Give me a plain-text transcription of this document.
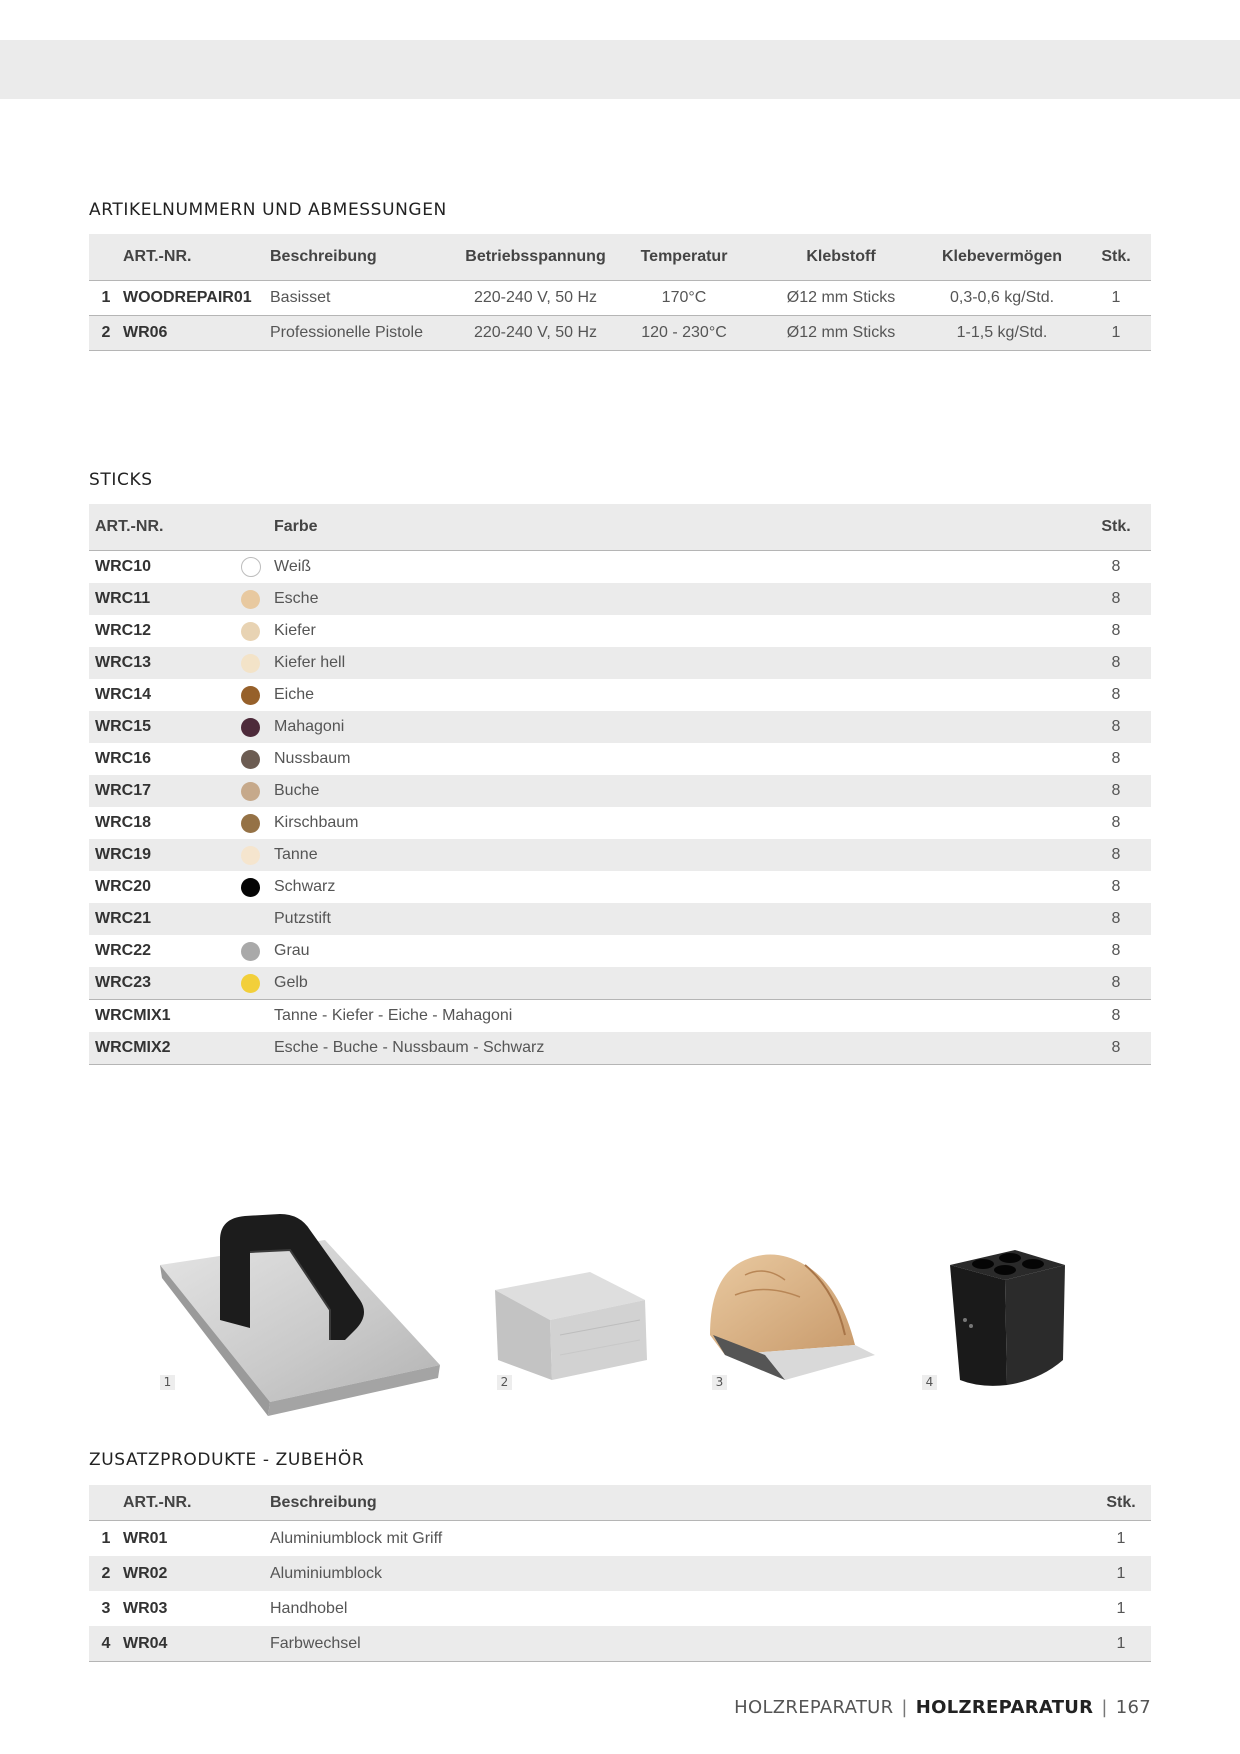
ARTIKELNUMMERN UND ABMESSUNGEN
	ART.-NR.	Beschreibung	Betriebsspannung	Temperatur	Klebstoff	Klebevermögen	Stk.
1	WOODREPAIR01	Basisset	220-240 V, 50 Hz	170°C	Ø12 mm Sticks	0,3-0,6 kg/Std.	1
2	WR06	Professionelle Pistole	220-240 V, 50 Hz	120 - 230°C	Ø12 mm Sticks	1-1,5 kg/Std.	1
STICKS
ART.-NR.		Farbe	Stk.
WRC10		Weiß	8
WRC11		Esche	8
WRC12		Kiefer	8
WRC13		Kiefer hell	8
WRC14		Eiche	8
WRC15		Mahagoni	8
WRC16		Nussbaum	8
WRC17		Buche	8
WRC18		Kirschbaum	8
WRC19		Tanne	8
WRC20		Schwarz	8
WRC21		Putzstift	8
WRC22		Grau	8
WRC23		Gelb	8
WRCMIX1		Tanne - Kiefer - Eiche - Mahagoni	8
WRCMIX2		Esche - Buche - Nussbaum - Schwarz	8
1	2	3	4
ZUSATZPRODUKTE - ZUBEHÖR
	ART.-NR.	Beschreibung	Stk.
1	WR01	Aluminiumblock mit Griff	1
2	WR02	Aluminiumblock	1
3	WR03	Handhobel	1
4	WR04	Farbwechsel	1
HOLZREPARATUR | HOLZREPARATUR | 167
